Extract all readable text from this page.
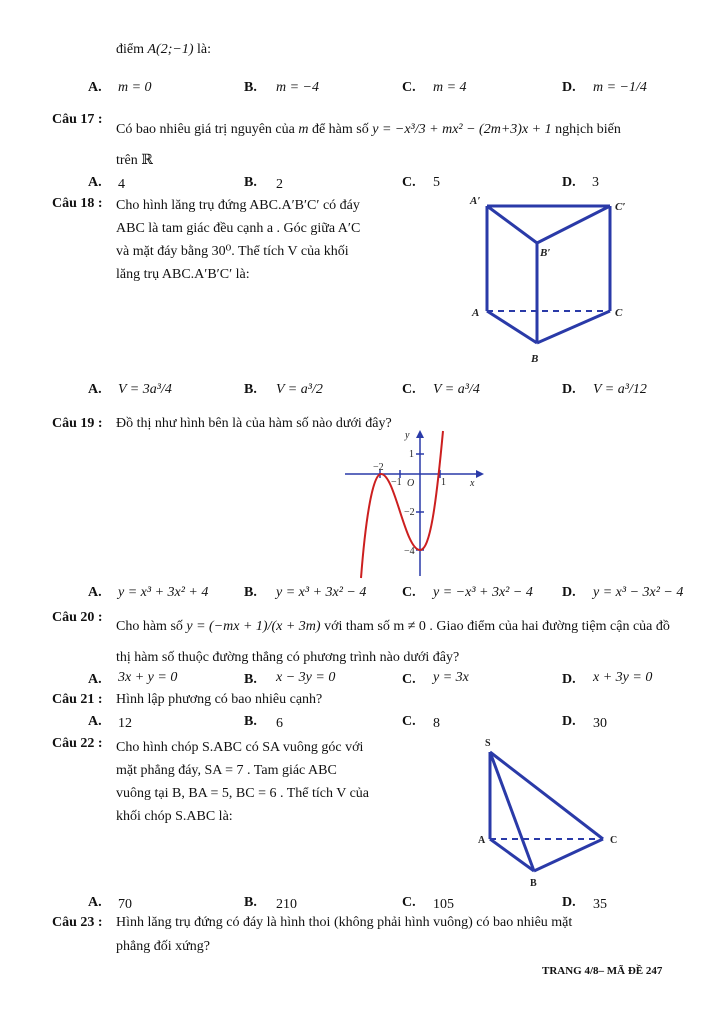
điểm A(2;−1) là:
A. m = 0	B. m = −4	C. m = 4	D. m = −1/4
Câu 17 :
Có bao nhiêu giá trị nguyên của m để hàm số y = −x³/3 + mx² − (2m+3)x + 1 nghịch biến
trên ℝ
A. 4	B. 2	C. 5	D. 3
Câu 18 : Cho hình lăng trụ đứng ABC.A′B′C′ có đáy
ABC là tam giác đều cạnh a . Góc giữa A′C
và mặt đáy bằng 30⁰. Thể tích V của khối
lăng trụ ABC.A′B′C′ là:
A′	C′
B′
A	C
B
A. V = 3a³/4	B. V = a³/2	C. V = a³/4	D. V = a³/12
Câu 19 : Đồ thị như hình bên là của hàm số nào dưới đây?
y
x
O	1
−1
−2
1
−2
−4
A. y = x³ + 3x² + 4	B. y = x³ + 3x² − 4	C. y = −x³ + 3x² − 4 D. y = x³ − 3x² − 4
Câu 20 :
Cho hàm số y = (−mx + 1)/(x + 3m) với tham số m ≠ 0 . Giao điểm của hai đường tiệm cận của đồ
thị hàm số thuộc đường thẳng có phương trình nào dưới đây?
A. 3x + y = 0	B. x − 3y = 0	C. y = 3x	D. x + 3y = 0
Câu 21 : Hình lập phương có bao nhiêu cạnh?
A. 12	B. 6	C. 8	D. 30
Câu 22 : Cho hình chóp S.ABC có SA vuông góc với
mặt phẳng đáy, SA = 7 . Tam giác ABC
vuông tại B, BA = 5, BC = 6 . Thể tích V của
khối chóp S.ABC là:
S
A	C
B
A. 70	B. 210	C. 105	D. 35
Câu 23 : Hình lăng trụ đứng có đáy là hình thoi (không phải hình vuông) có bao nhiêu mặt
phẳng đối xứng?
TRANG 4/8– MÃ ĐỀ 247
